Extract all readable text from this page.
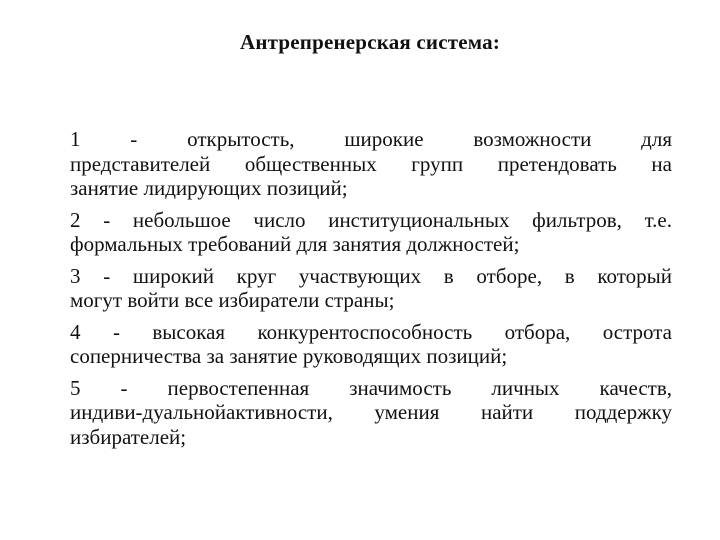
Антрепренерская система:
1 - открытость, широкие возможности для
представителей общественных групп претендовать на
занятие лидирующих позиций;
2 - небольшое число институциональных фильтров, т.е.
формальных требований для занятия должностей;
3 - широкий круг участвующих в отборе, в который
могут войти все избиратели страны;
4 - высокая конкурентоспособность отбора, острота
соперничества за занятие руководящих позиций;
5 - первостепенная значимость личных качеств,
индиви-дуальнойактивности, умения найти поддержку
избирателей;
